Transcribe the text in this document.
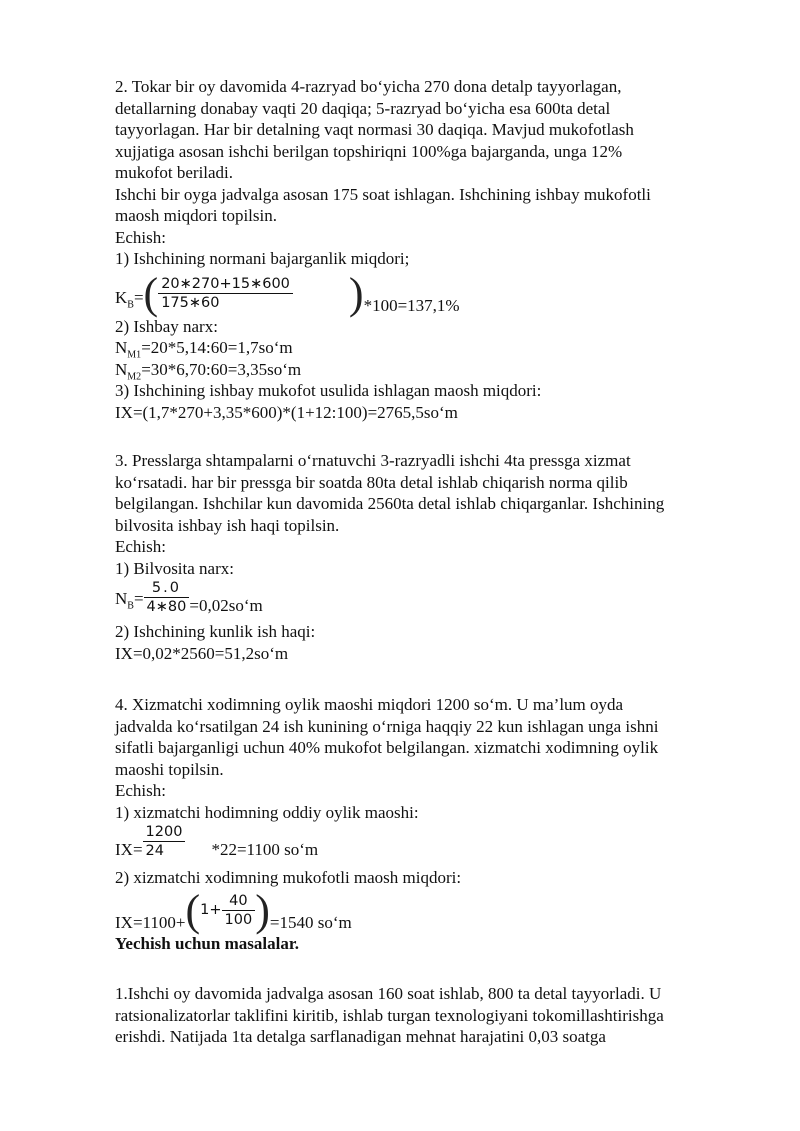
2. Tokar bir oy davomida 4-razryad bo‘yicha 270 dona detalp tayyorlagan,
detallarning donabay vaqti 20 daqiqa; 5-razryad bo‘yicha esa 600ta detal
tayyorlagan. Har bir detalning vaqt normasi 30 daqiqa. Mavjud mukofotlash
xujjatiga asosan ishchi berilgan topshiriqni 100%ga bajarganda, unga 12%
mukofot beriladi.
Ishchi bir oyga jadvalga asosan 175 soat ishlagan. Ishchining ishbay mukofotli
maosh miqdori topilsin.
Echish:
1) Ishchining normani bajarganlik miqdori;
$K_B=( \frac{20∗270+15∗600}{175∗60} )*100=137,1\%$
2) Ishbay narx:
$N_{M1}=20*5,14:60=1,7so‘m$
$N_{M2}=30*6,70:60=3,35so‘m$
3) Ishchining ishbay mukofot usulida ishlagan maosh miqdori:
IX=(1,7*270+3,35*600)*(1+12:100)=2765,5so‘m
3. Presslarga shtampalarni o‘rnatuvchi 3-razryadli ishchi 4ta pressga xizmat
ko‘rsatadi. har bir pressga bir soatda 80ta detal ishlab chiqarish norma qilib
belgilangan. Ishchilar kun davomida 2560ta detal ishlab chiqarganlar. Ishchining
bilvosita ishbay ish haqi topilsin.
Echish:
1) Bilvosita narx:
$N_B= \frac{5.0}{4∗80}$ =0,02so‘m
2) Ishchining kunlik ish haqi:
IX=0,02*2560=51,2so‘m
4. Xizmatchi xodimning oylik maoshi miqdori 1200 so‘m. U ma’lum oyda
jadvalda ko‘rsatilgan 24 ish kunining o‘rniga haqqiy 22 kun ishlagan unga ishni
sifatli bajarganligi uchun 40% mukofot belgilangan. xizmatchi xodimning oylik
maoshi topilsin.
Echish:
1) xizmatchi hodimning oddiy oylik maoshi:
$IX= \frac{1200}{24} *22=1100$ so‘m
2) xizmatchi xodimning mukofotli maosh miqdori:
$IX=1100+(1+ \frac{40}{100} )=1540$ so‘m
Yechish uchun masalalar.
1.Ishchi oy davomida jadvalga asosan 160 soat ishlab, 800 ta detal tayyorladi. U
ratsionalizatorlar taklifini kiritib, ishlab turgan texnologiyani tokomillashtirishga
erishdi. Natijada 1ta detalga sarflanadigan mehnat harajatini 0,03 soatga
